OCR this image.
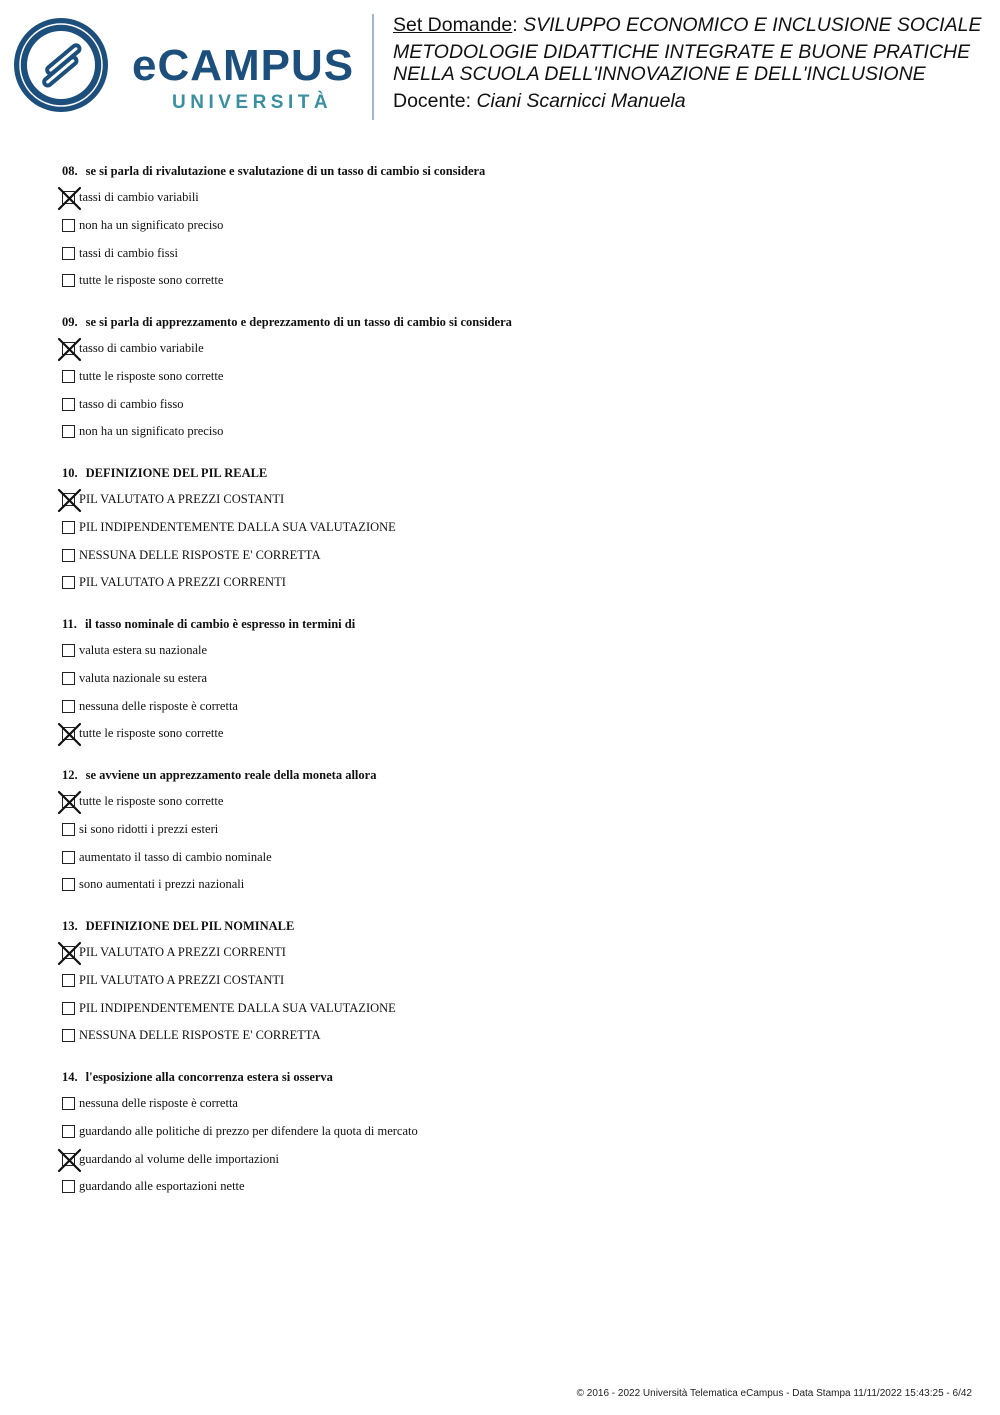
eCAMPUS
UNIVERSITÀ
Set Domande: SVILUPPO ECONOMICO E INCLUSIONE SOCIALE
METODOLOGIE DIDATTICHE INTEGRATE E BUONE PRATICHE
NELLA SCUOLA DELL'INNOVAZIONE E DELL'INCLUSIONE
Docente: Ciani Scarnicci Manuela
08. se si parla di rivalutazione e svalutazione di un tasso di cambio si considera
tassi di cambio variabili
non ha un significato preciso
tassi di cambio fissi
tutte le risposte sono corrette
09. se si parla di apprezzamento e deprezzamento di un tasso di cambio si considera
tasso di cambio variabile
tutte le risposte sono corrette
tasso di cambio fisso
non ha un significato preciso
10. DEFINIZIONE DEL PIL REALE
PIL VALUTATO A PREZZI COSTANTI
PIL INDIPENDENTEMENTE DALLA SUA VALUTAZIONE
NESSUNA DELLE RISPOSTE E' CORRETTA
PIL VALUTATO A PREZZI CORRENTI
11. il tasso nominale di cambio è espresso in termini di
valuta estera su nazionale
valuta nazionale su estera
nessuna delle risposte è corretta
tutte le risposte sono corrette
12. se avviene un apprezzamento reale della moneta allora
tutte le risposte sono corrette
si sono ridotti i prezzi esteri
aumentato il tasso di cambio nominale
sono aumentati i prezzi nazionali
13. DEFINIZIONE DEL PIL NOMINALE
PIL VALUTATO A PREZZI CORRENTI
PIL VALUTATO A PREZZI COSTANTI
PIL INDIPENDENTEMENTE DALLA SUA VALUTAZIONE
NESSUNA DELLE RISPOSTE E' CORRETTA
14. l'esposizione alla concorrenza estera si osserva
nessuna delle risposte è corretta
guardando alle politiche di prezzo per difendere la quota di mercato
guardando al volume delle importazioni
guardando alle esportazioni nette
© 2016 - 2022 Università Telematica eCampus - Data Stampa 11/11/2022 15:43:25 - 6/42
